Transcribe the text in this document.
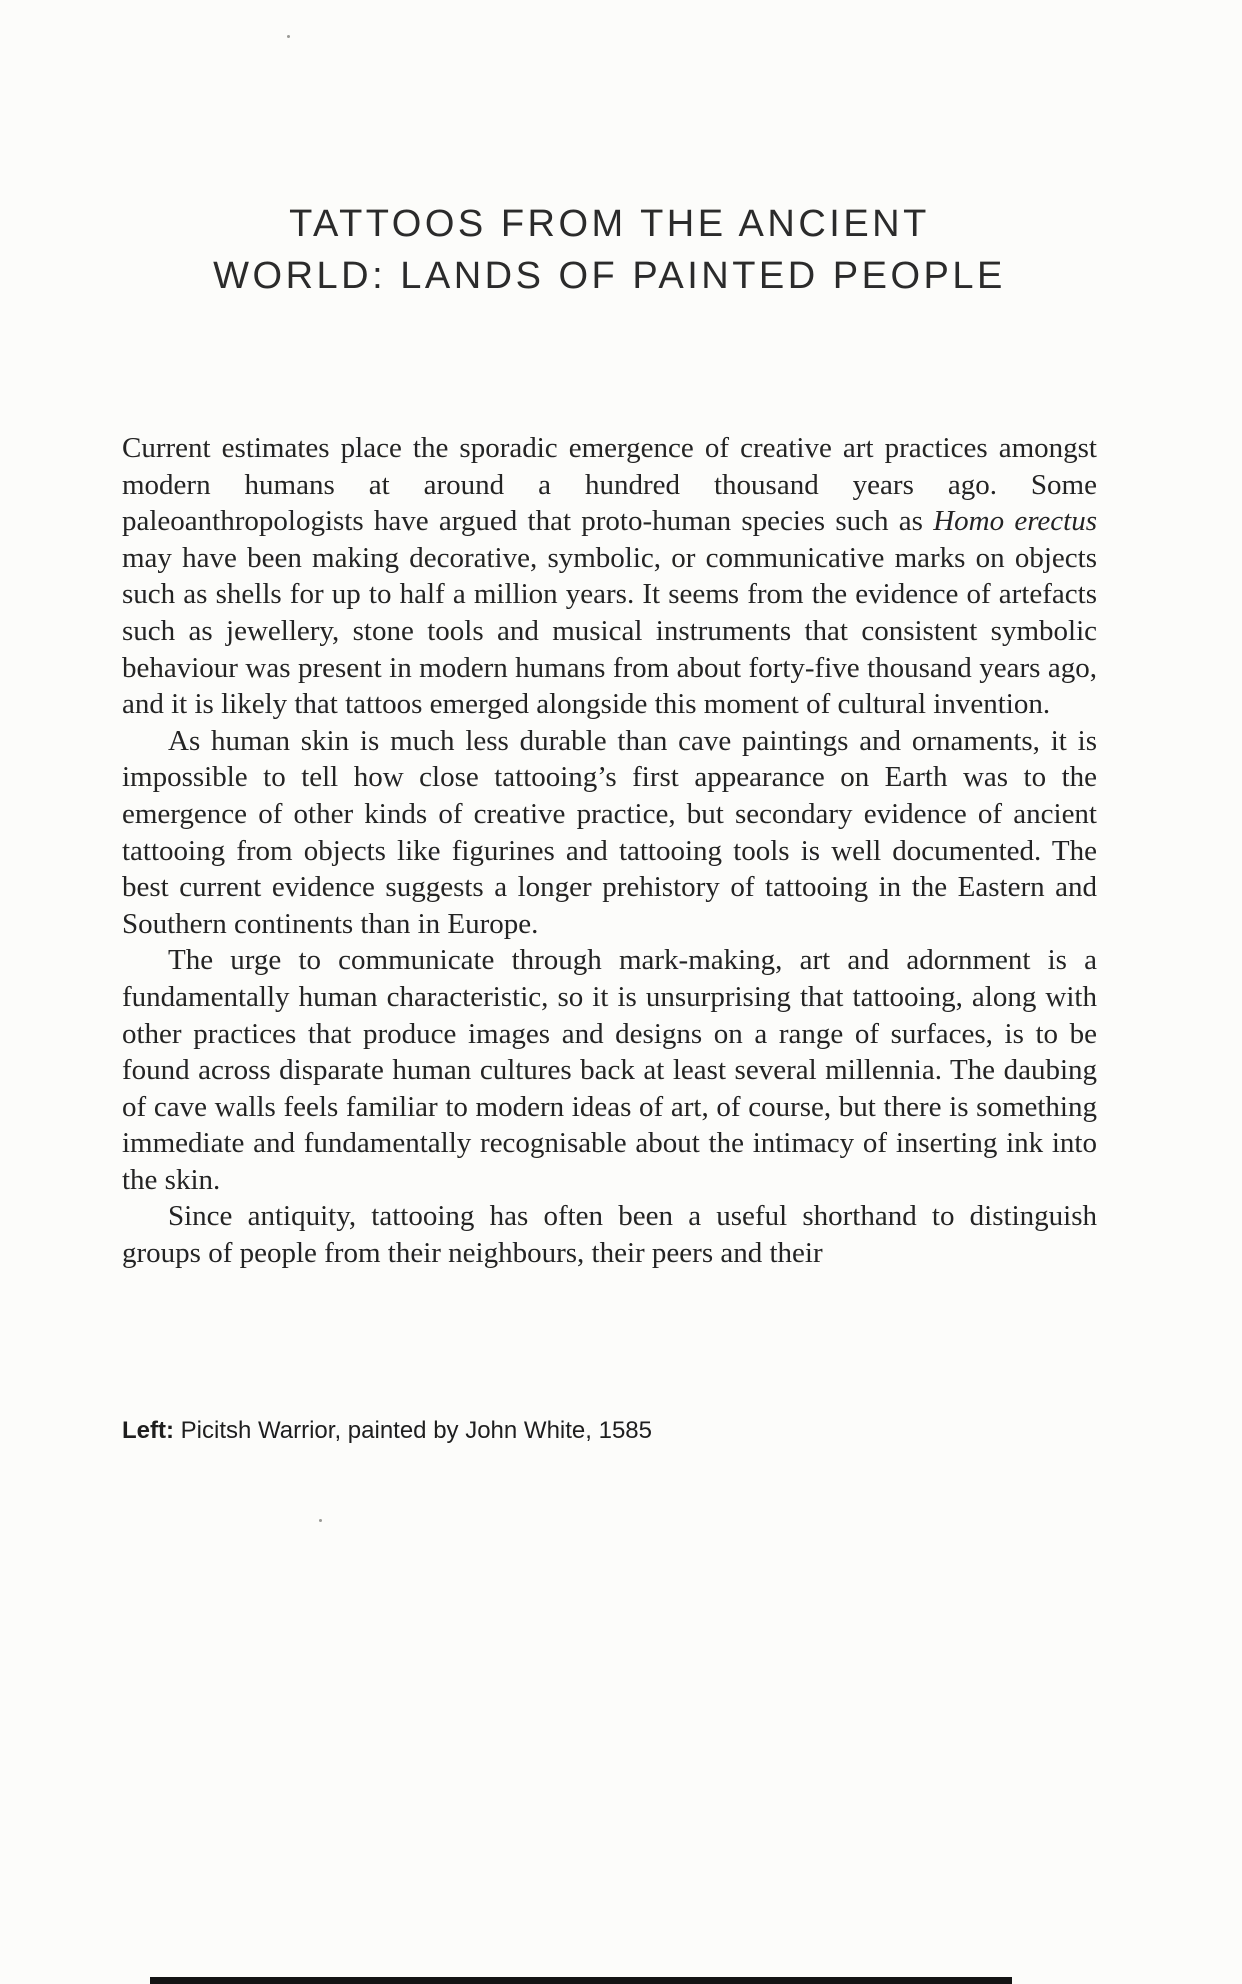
TATTOOS FROM THE ANCIENT
WORLD: LANDS OF PAINTED PEOPLE

Current estimates place the sporadic emergence of creative art practices amongst modern humans at around a hundred thousand years ago. Some paleoanthropologists have argued that proto-human species such as Homo erectus may have been making decorative, symbolic, or communicative marks on objects such as shells for up to half a million years. It seems from the evidence of artefacts such as jewellery, stone tools and musical instruments that consistent symbolic behaviour was present in modern humans from about forty-five thousand years ago, and it is likely that tattoos emerged alongside this moment of cultural invention.

As human skin is much less durable than cave paintings and ornaments, it is impossible to tell how close tattooing’s first appearance on Earth was to the emergence of other kinds of creative practice, but secondary evidence of ancient tattooing from objects like figurines and tattooing tools is well documented. The best current evidence suggests a longer prehistory of tattooing in the Eastern and Southern continents than in Europe.

The urge to communicate through mark-making, art and adornment is a fundamentally human characteristic, so it is unsurprising that tattooing, along with other practices that produce images and designs on a range of surfaces, is to be found across disparate human cultures back at least several millennia. The daubing of cave walls feels familiar to modern ideas of art, of course, but there is something immediate and fundamentally recognisable about the intimacy of inserting ink into the skin.

Since antiquity, tattooing has often been a useful shorthand to distinguish groups of people from their neighbours, their peers and their

Left: Picitsh Warrior, painted by John White, 1585
